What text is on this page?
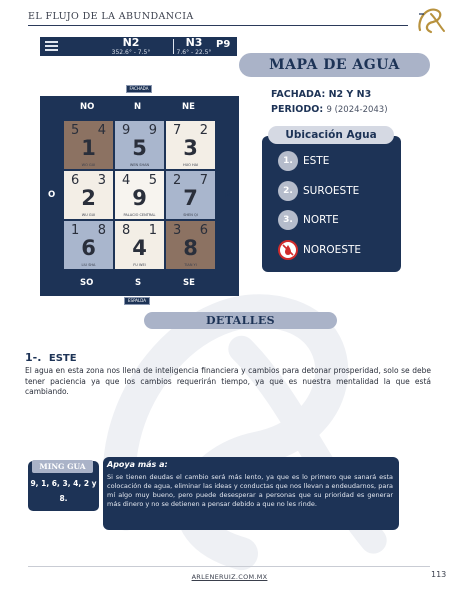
EL FLUJO DE LA ABUNDANCIA
N2
352.6° - 7.5°
N3
7.6° - 22.5°
P9
MAPA DE AGUA
FACHADA: N2 Y N3
PERIODO: 9 (2024-2043)
Ubicación Agua
1. ESTE
2. SUROESTE
3. NORTE
NOROESTE
FACHADA
ESPALDA
NO	N	NE
O	E
SO	S	SE
5 4
1
WO GUI
9 9
5
WEN SHAN
7 2
3
HUO HAI
6 3
2
WU GUI
4 5
9
PALACIO CENTRAL
2 7
7
SHEN QI
1 8
6
LIU SHA
8 1
4
FU WEI
3 6
8
TIAN YI
DETALLES
1-. ESTE
El agua en esta zona nos llena de inteligencia financiera y cambios para detonar prosperidad, solo se debe tener paciencia ya que los cambios requerirán tiempo, ya que es nuestra mentalidad la que está cambiando.
MING GUA
9, 1, 6, 3, 4, 2 y 8.
Apoya más a:
Si se tienen deudas el cambio será más lento, ya que es lo primero que sanará esta colocación de agua, eliminar las ideas y conductas que nos llevan a endeudarnos, para mí algo muy bueno, pero puede desesperar a personas que su prioridad es generar más dinero y no se detienen a pensar debido a que no les rinde.
ARLENERUIZ.COM.MX	113
